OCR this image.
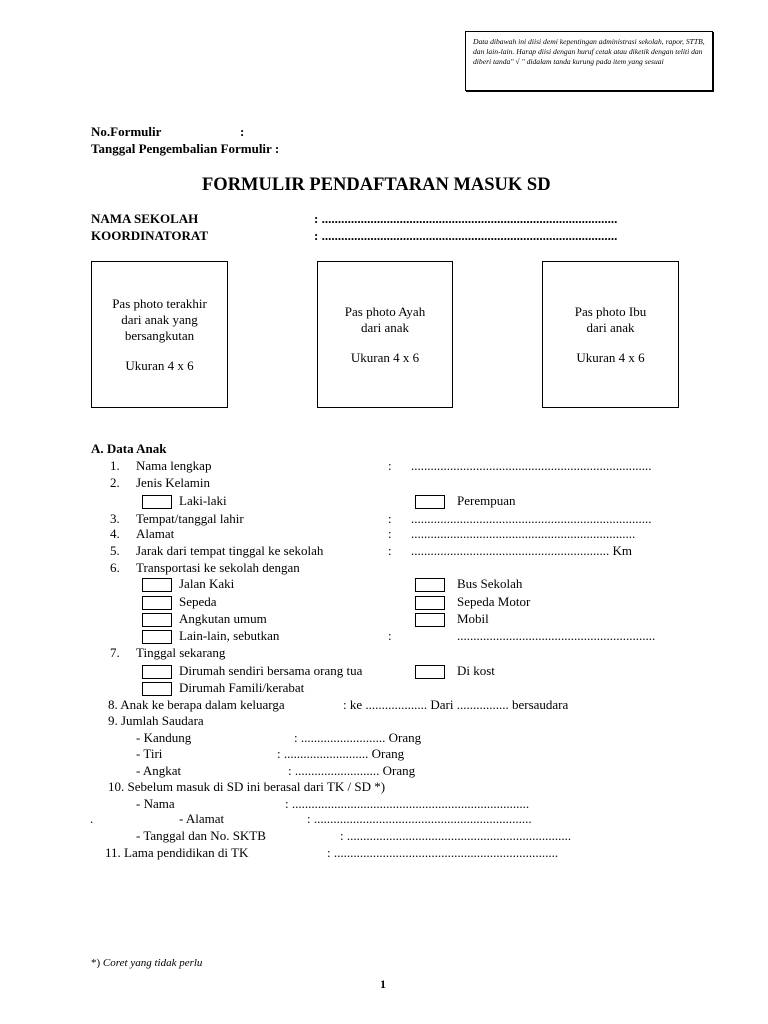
Data dibawah ini diisi demi kepentingan administrasi sekolah, rapor, STTB, dan lain-lain. Harap diisi dengan huruf cetak atau diketik dengan teliti dan diberi tanda" √ " didalam tanda kurung pada item yang sesuai

No.Formulir	:
Tanggal Pengembalian Formulir :
FORMULIR PENDAFTARAN MASUK SD
NAMA SEKOLAH	: ...........................................................................................
KOORDINATORAT	: ...........................................................................................
Pas photo terakhir
dari anak yang
bersangkutan
Ukuran 4 x 6
Pas photo Ayah
dari anak
Ukuran 4 x 6
Pas photo Ibu
dari anak
Ukuran 4 x 6
A. Data Anak
1. Nama lengkap	: ..........................................................................
2. Jenis Kelamin
Laki-laki	Perempuan
3. Tempat/tanggal lahir	: ..........................................................................
4. Alamat	: .....................................................................
5. Jarak dari tempat tinggal ke sekolah	: ............................................................. Km
6. Transportasi ke sekolah dengan
Jalan Kaki	Bus Sekolah
Sepeda	Sepeda Motor
Angkutan umum	Mobil
Lain-lain, sebutkan	:	.............................................................
7. Tinggal sekarang
Dirumah sendiri bersama orang tua	Di kost
Dirumah Famili/kerabat
8. Anak ke berapa dalam keluarga	: ke ................... Dari ................ bersaudara
9. Jumlah Saudara
- Kandung	: .......................... Orang
- Tiri	: .......................... Orang
- Angkat	: .......................... Orang
10. Sebelum masuk di SD ini berasal dari TK / SD *)
- Nama	: .........................................................................
.	- Alamat	: ...................................................................
- Tanggal dan No. SKTB	: .....................................................................
11. Lama pendidikan di TK	: .....................................................................
*) Coret yang tidak perlu
1
